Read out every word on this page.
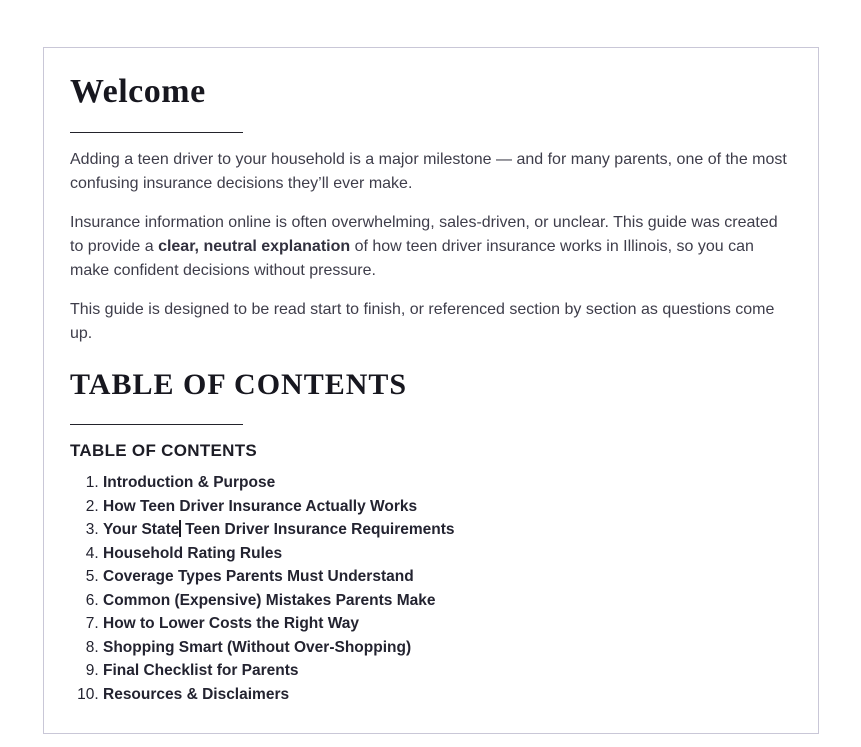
Welcome

Adding a teen driver to your household is a major milestone — and for many parents, one of the most confusing insurance decisions they’ll ever make.

Insurance information online is often overwhelming, sales-driven, or unclear. This guide was created to provide a clear, neutral explanation of how teen driver insurance works in Illinois, so you can make confident decisions without pressure.

This guide is designed to be read start to finish, or referenced section by section as questions come up.

TABLE OF CONTENTS
TABLE OF CONTENTS
1. Introduction & Purpose
2. How Teen Driver Insurance Actually Works
3. Your State Teen Driver Insurance Requirements
4. Household Rating Rules
5. Coverage Types Parents Must Understand
6. Common (Expensive) Mistakes Parents Make
7. How to Lower Costs the Right Way
8. Shopping Smart (Without Over-Shopping)
9. Final Checklist for Parents
10. Resources & Disclaimers
